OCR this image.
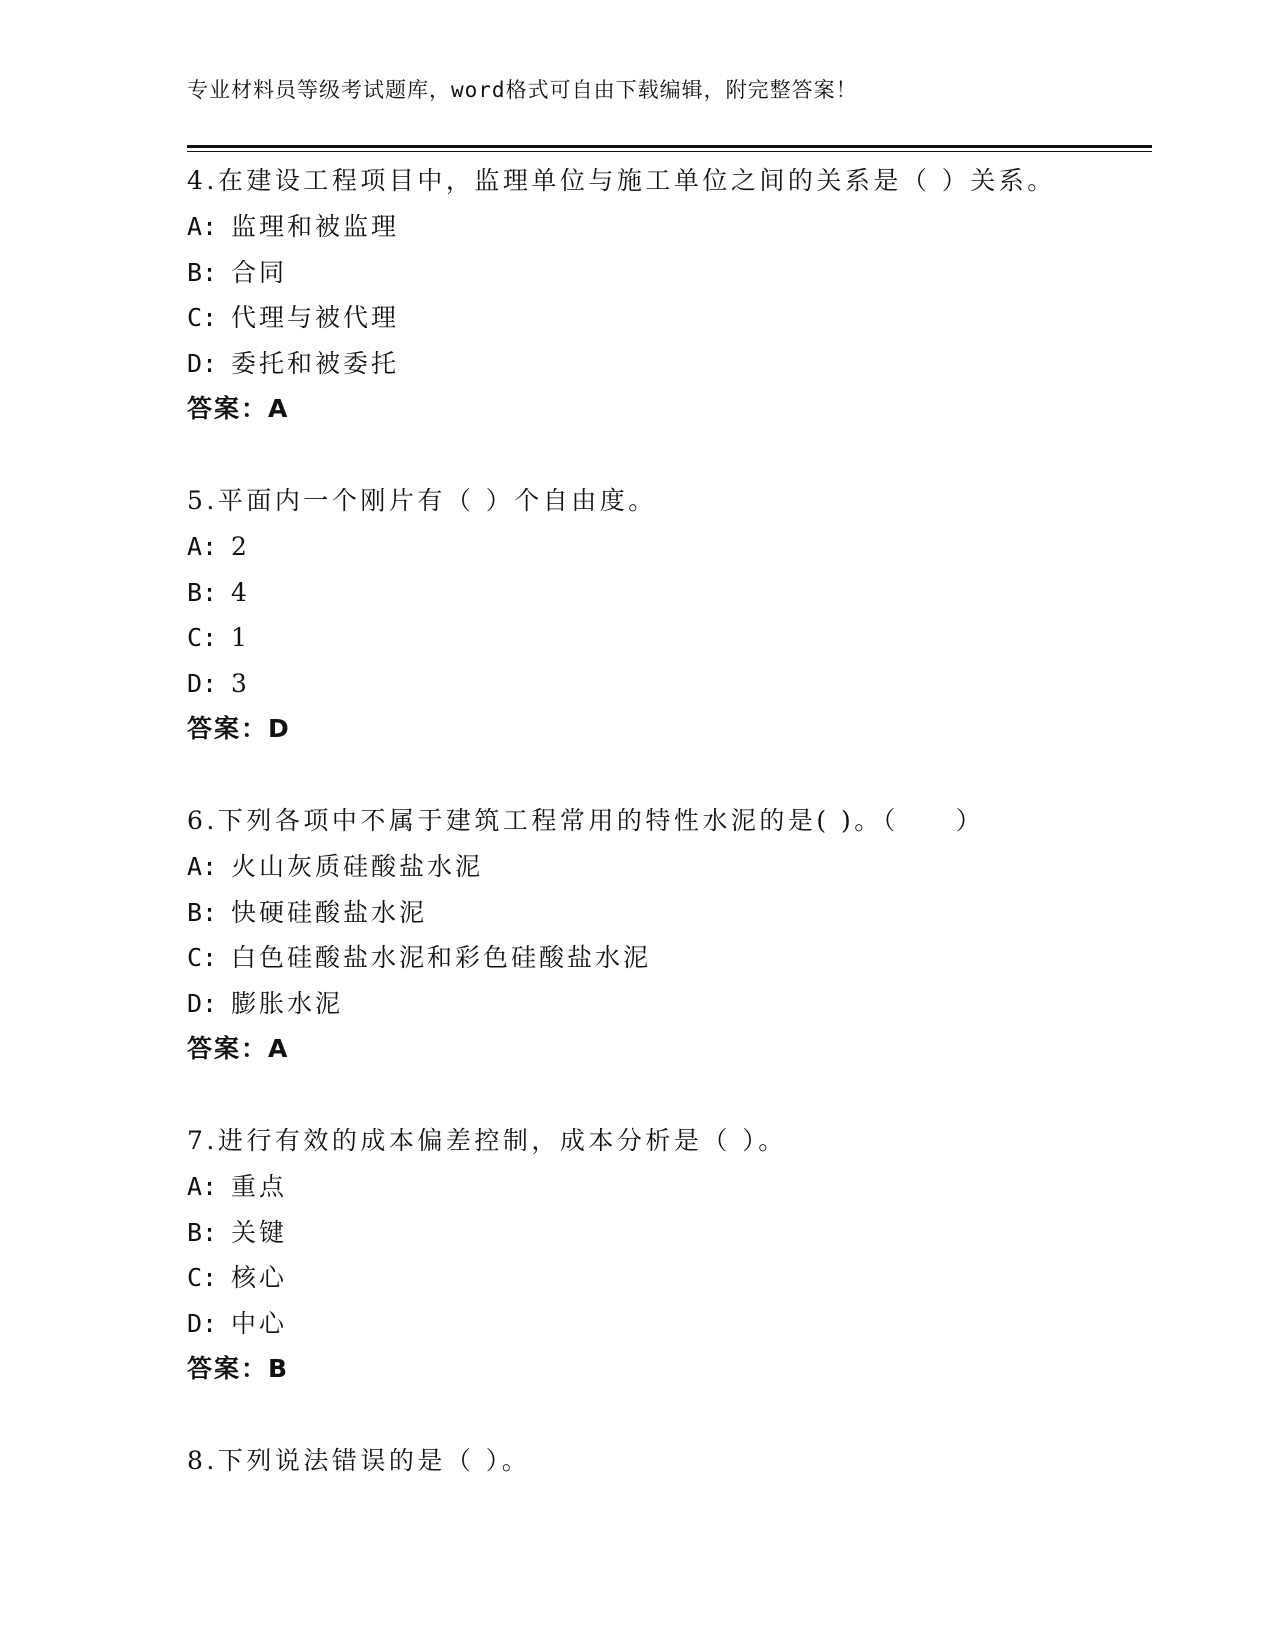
专业材料员等级考试题库，word格式可自由下载编辑，附完整答案！
4.在建设工程项目中，监理单位与施工单位之间的关系是（ ）关系。
A: 监理和被监理
B: 合同
C: 代理与被代理
D: 委托和被委托
答案：A
5.平面内一个刚片有（ ）个自由度。
A: 2
B: 4
C: 1
D: 3
答案：D
6.下列各项中不属于建筑工程常用的特性水泥的是( )。（　　）
A: 火山灰质硅酸盐水泥
B: 快硬硅酸盐水泥
C: 白色硅酸盐水泥和彩色硅酸盐水泥
D: 膨胀水泥
答案：A
7.进行有效的成本偏差控制，成本分析是（ ）。
A: 重点
B: 关键
C: 核心
D: 中心
答案：B
8.下列说法错误的是（ ）。
